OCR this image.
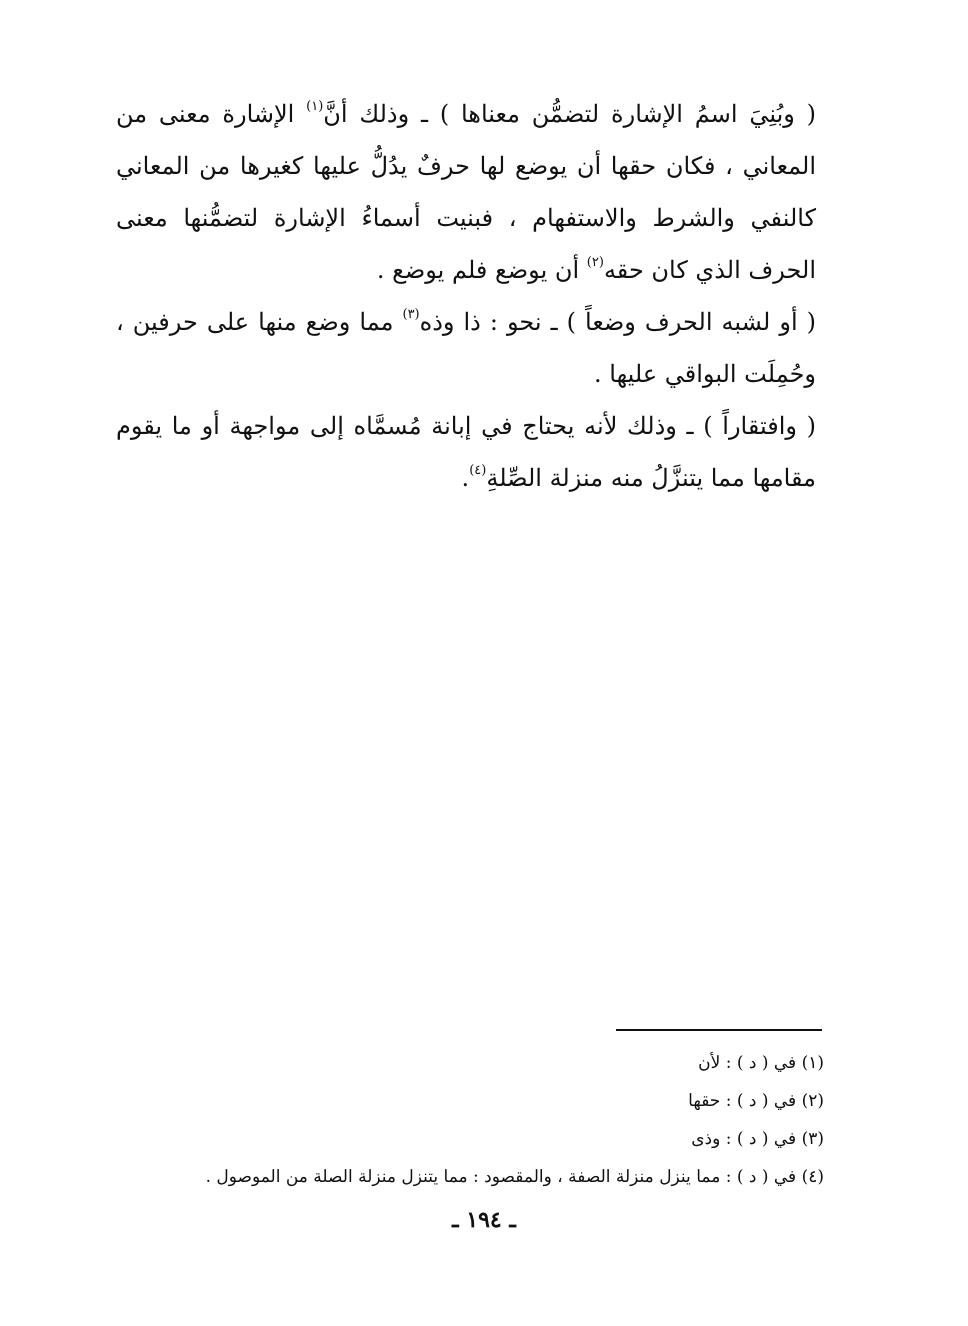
( وبُنِيَ اسمُ الإشارة لتضمُّن معناها ) ـ وذلك أنَّ$^{(١)}$ الإشارة معنى من المعاني ، فكان حقها أن يوضع لها حرفٌ يدُلُّ عليها كغيرها من المعاني كالنفي والشرط والاستفهام ، فبنيت أسماءُ الإشارة لتضمُّنها معنى الحرف الذي كان حقه$^{(٢)}$ أن يوضع فلم يوضع .

( أو لشبه الحرف وضعاً ) ـ نحو : ذا وذه$^{(٣)}$ مما وضع منها على حرفين ، وحُمِلَت البواقي عليها .

( وافتقاراً ) ـ وذلك لأنه يحتاج في إبانة مُسمَّاه إلى مواجهة أو ما يقوم مقامها مما يتنزَّلُ منه منزلة الصِّلةِ$^{(٤)}$.

(١) في ( د ) : لأن
(٢) في ( د ) : حقها
(٣) في ( د ) : وذى
(٤) في ( د ) : مما ينزل منزلة الصفة ، والمقصود : مما يتنزل منزلة الصلة من الموصول .
ـ ١٩٤ ـ
